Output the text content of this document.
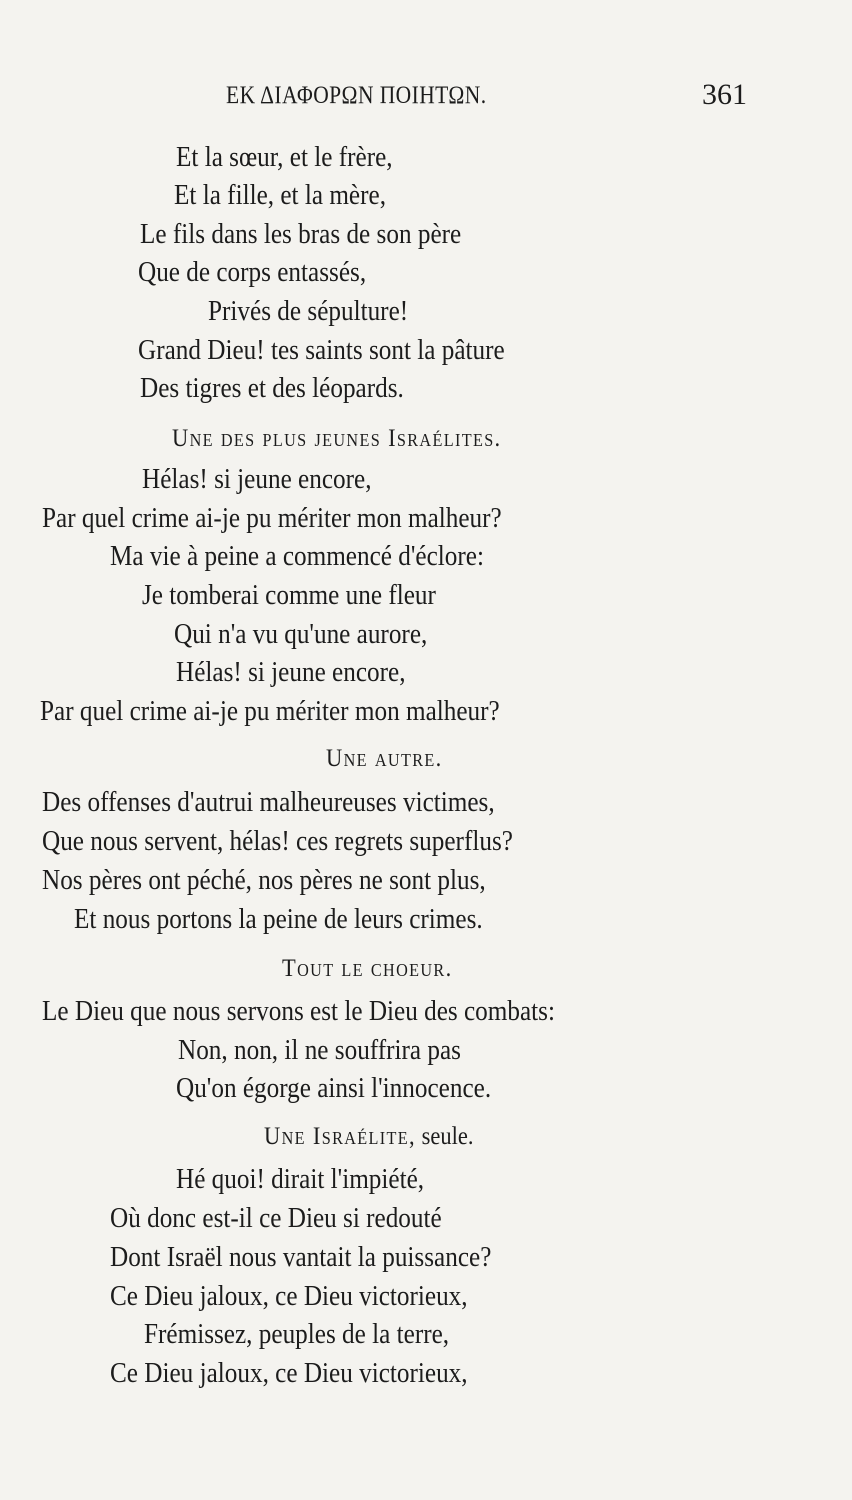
ΕΚ ΔΙΑΦΟΡΩΝ ΠΟΙΗΤΩΝ.	361
Et la sœur, et le frère,
Et la fille, et la mère,
Le fils dans les bras de son père
Que de corps entassés,
Privés de sépulture!
Grand Dieu! tes saints sont la pâture
Des tigres et des léopards.
Une des plus jeunes Israélites.
Hélas! si jeune encore,
Par quel crime ai-je pu mériter mon malheur?
Ma vie à peine a commencé d'éclore:
Je tomberai comme une fleur
Qui n'a vu qu'une aurore,
Hélas! si jeune encore,
Par quel crime ai-je pu mériter mon malheur?
Une autre.
Des offenses d'autrui malheureuses victimes,
Que nous servent, hélas! ces regrets superflus?
Nos pères ont péché, nos pères ne sont plus,
Et nous portons la peine de leurs crimes.
Tout le choeur.
Le Dieu que nous servons est le Dieu des combats:
Non, non, il ne souffrira pas
Qu'on égorge ainsi l'innocence.
Une Israélite, seule.
Hé quoi! dirait l'impiété,
Où donc est-il ce Dieu si redouté
Dont Israël nous vantait la puissance?
Ce Dieu jaloux, ce Dieu victorieux,
Frémissez, peuples de la terre,
Ce Dieu jaloux, ce Dieu victorieux,
